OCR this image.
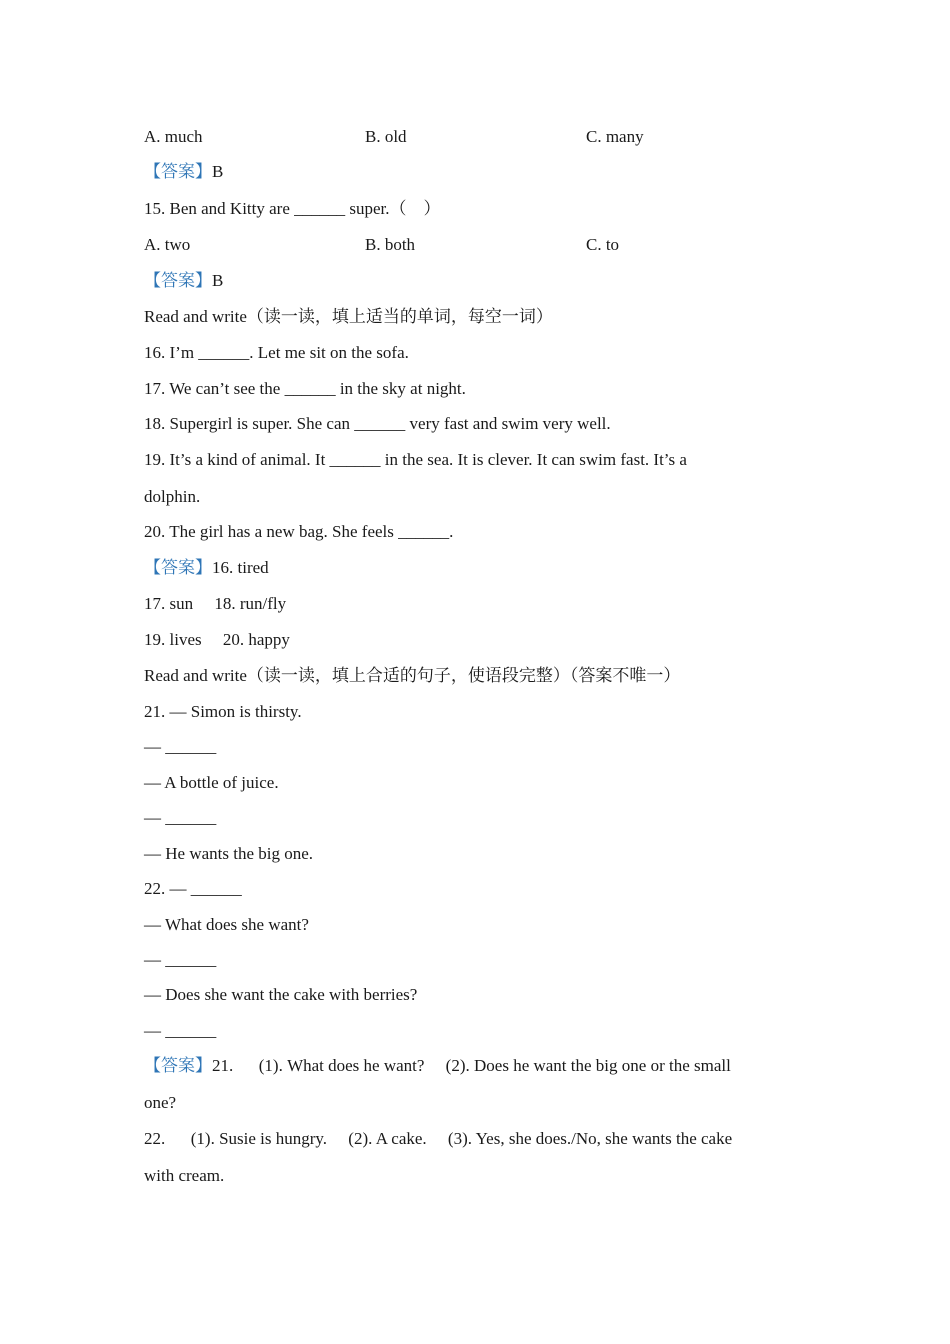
A. much	B. old	C. many
【答案】B
15. Ben and Kitty are ______ super.（    ）
A. two	B. both	C. to
【答案】B
Read and write（读一读，填上适当的单词，每空一词）
16. I’m ______. Let me sit on the sofa.
17. We can’t see the ______ in the sky at night.
18. Supergirl is super. She can ______ very fast and swim very well.
19. It’s a kind of animal. It ______ in the sea. It is clever. It can swim fast. It’s a
dolphin.
20. The girl has a new bag. She feels ______.
【答案】16. tired
17. sun     18. run/fly
19. lives     20. happy
Read and write（读一读，填上合适的句子，使语段完整）（答案不唯一）
21. — Simon is thirsty.
— ______
— A bottle of juice.
— ______
— He wants the big one.
22. — ______
— What does she want?
— ______
— Does she want the cake with berries?
— ______
【答案】21.      (1). What does he want?     (2). Does he want the big one or the small
one?
22.      (1). Susie is hungry.     (2). A cake.     (3). Yes, she does./No, she wants the cake
with cream.
